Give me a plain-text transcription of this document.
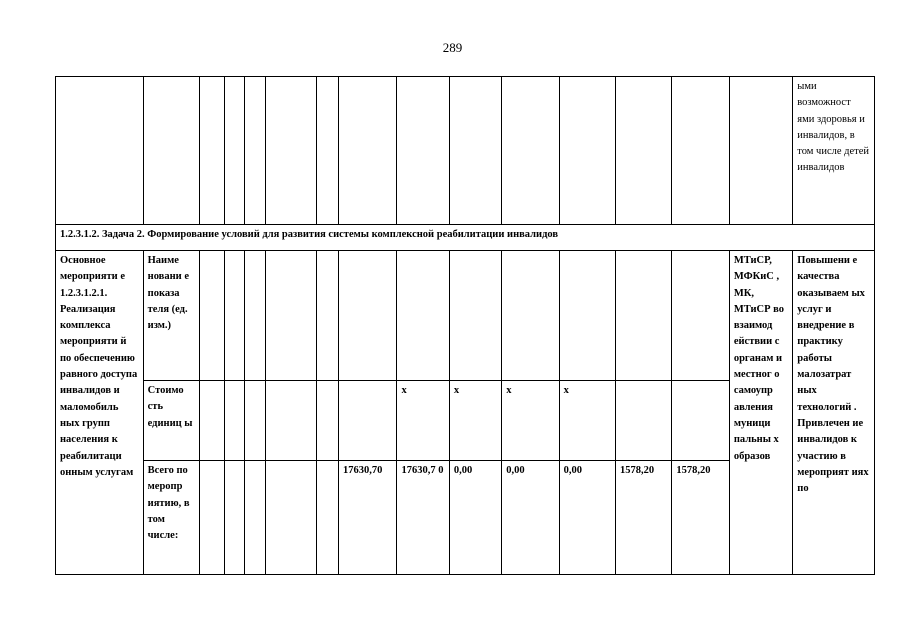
289
															ыми возможност ями здоровья и инвалидов, в том числе детей инвалидов
1.2.3.1.2. Задача 2. Формирование условий для развития системы комплексной реабилитации инвалидов															
Основное мероприяти е 1.2.3.1.2.1. Реализация комплекса мероприяти й по обеспечению равного доступа инвалидов и маломобиль ных групп населения к реабилитаци онным услугам	Наиме новани е показа теля (ед. изм.)													МТиСР, МФКиС , МК, МТиСР во взаимод ействии с органам и местног о самоупр авления муници пальны х образов	Повышени е качества оказываем ых услуг и внедрение в практику работы малозатрат ных технологий . Привлечен ие инвалидов к участию в мероприят иях по
	Стоимо сть единиц ы							x	x	x	x				
	Всего по меропр иятию, в том числе:						17630,70	17630,7 0	0,00	0,00	0,00	1578,20	1578,20		
